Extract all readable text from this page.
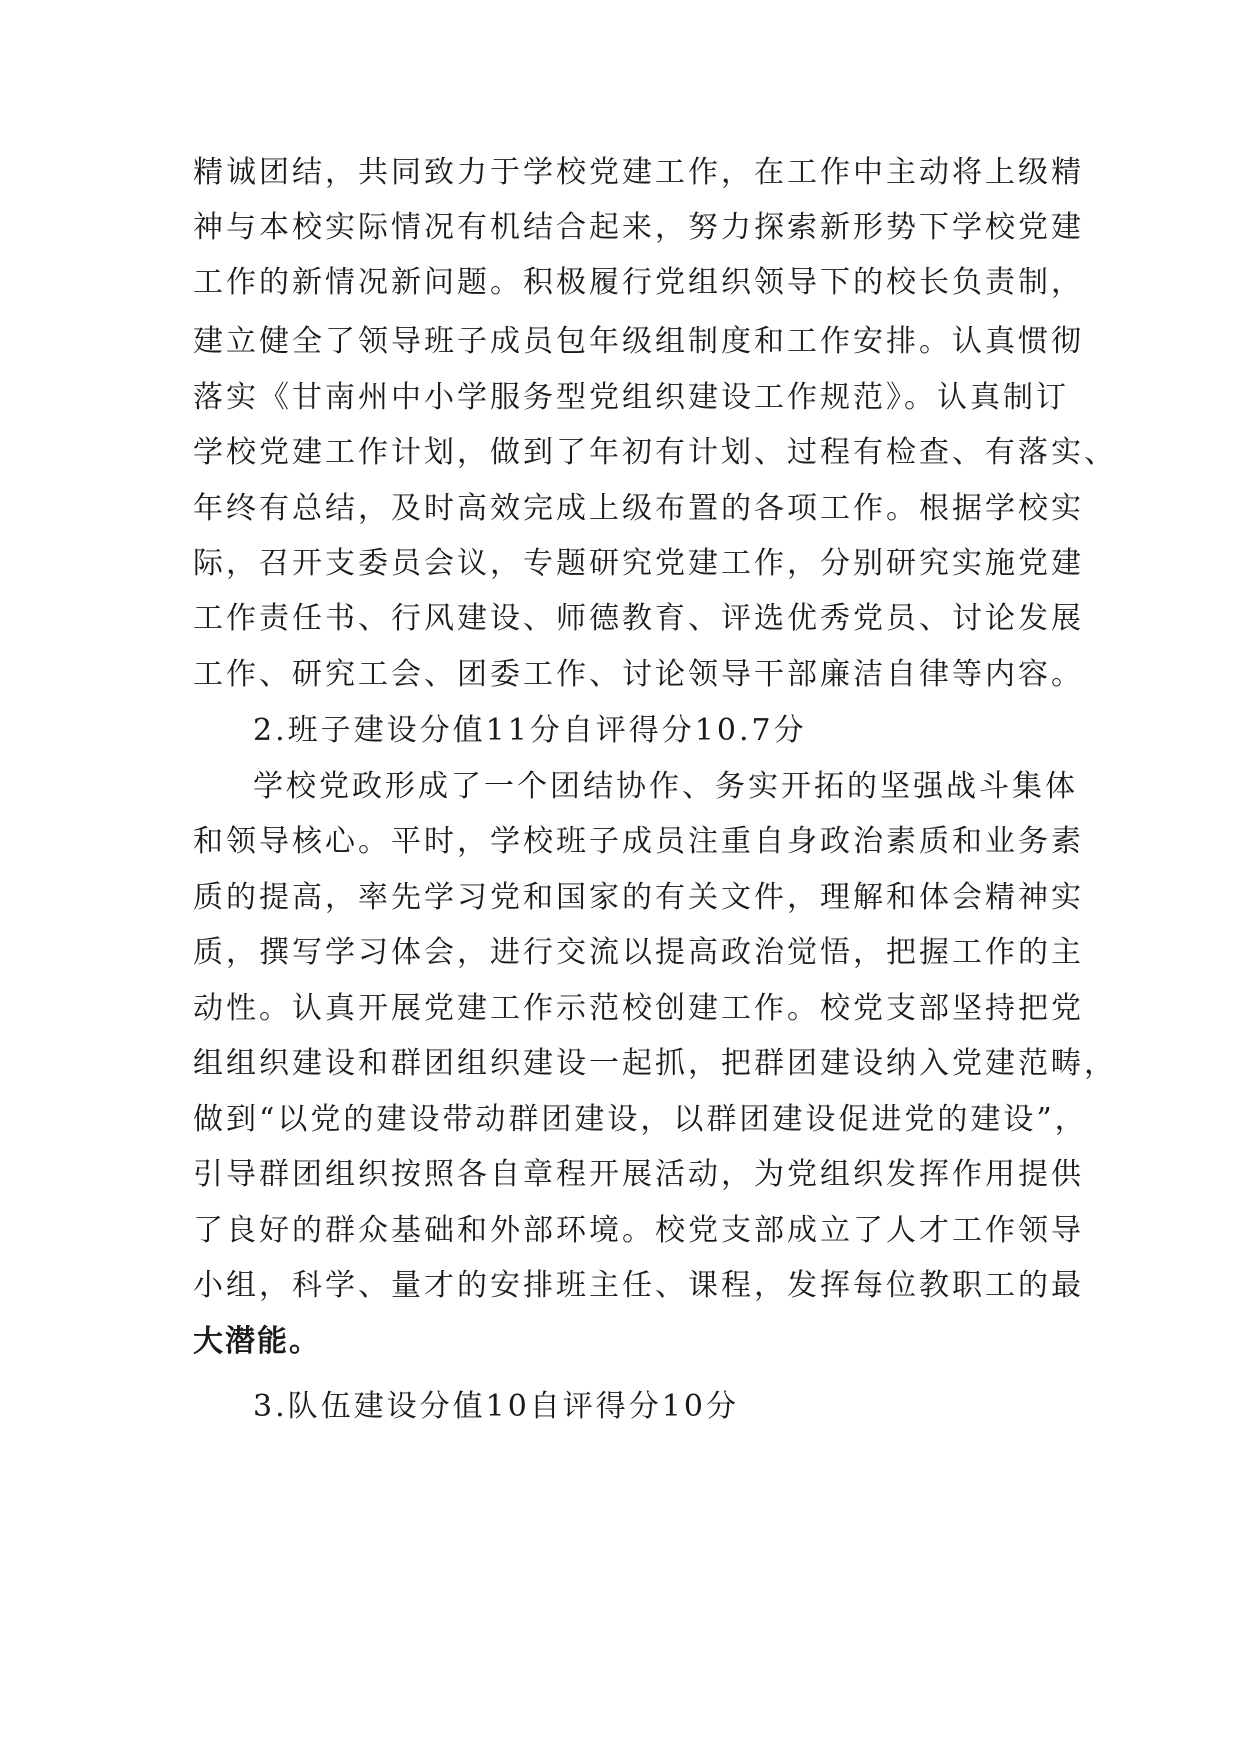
精诚团结，共同致力于学校党建工作，在工作中主动将上级精
神与本校实际情况有机结合起来，努力探索新形势下学校党建
工作的新情况新问题。积极履行党组织领导下的校长负责制，
建立健全了领导班子成员包年级组制度和工作安排。认真惯彻
落实《甘南州中小学服务型党组织建设工作规范》。认真制订
学校党建工作计划，做到了年初有计划、过程有检查、有落实、
年终有总结，及时高效完成上级布置的各项工作。根据学校实
际，召开支委员会议，专题研究党建工作，分别研究实施党建
工作责任书、行风建设、师德教育、评选优秀党员、讨论发展
工作、研究工会、团委工作、讨论领导干部廉洁自律等内容。
2.班子建设分值11分自评得分10.7分
学校党政形成了一个团结协作、务实开拓的坚强战斗集体
和领导核心。平时，学校班子成员注重自身政治素质和业务素
质的提高，率先学习党和国家的有关文件，理解和体会精神实
质，撰写学习体会，进行交流以提高政治觉悟，把握工作的主
动性。认真开展党建工作示范校创建工作。校党支部坚持把党
组组织建设和群团组织建设一起抓，把群团建设纳入党建范畴，
做到“以党的建设带动群团建设，以群团建设促进党的建设”，
引导群团组织按照各自章程开展活动，为党组织发挥作用提供
了良好的群众基础和外部环境。校党支部成立了人才工作领导
小组，科学、量才的安排班主任、课程，发挥每位教职工的最
大潜能。
3.队伍建设分值10自评得分10分
